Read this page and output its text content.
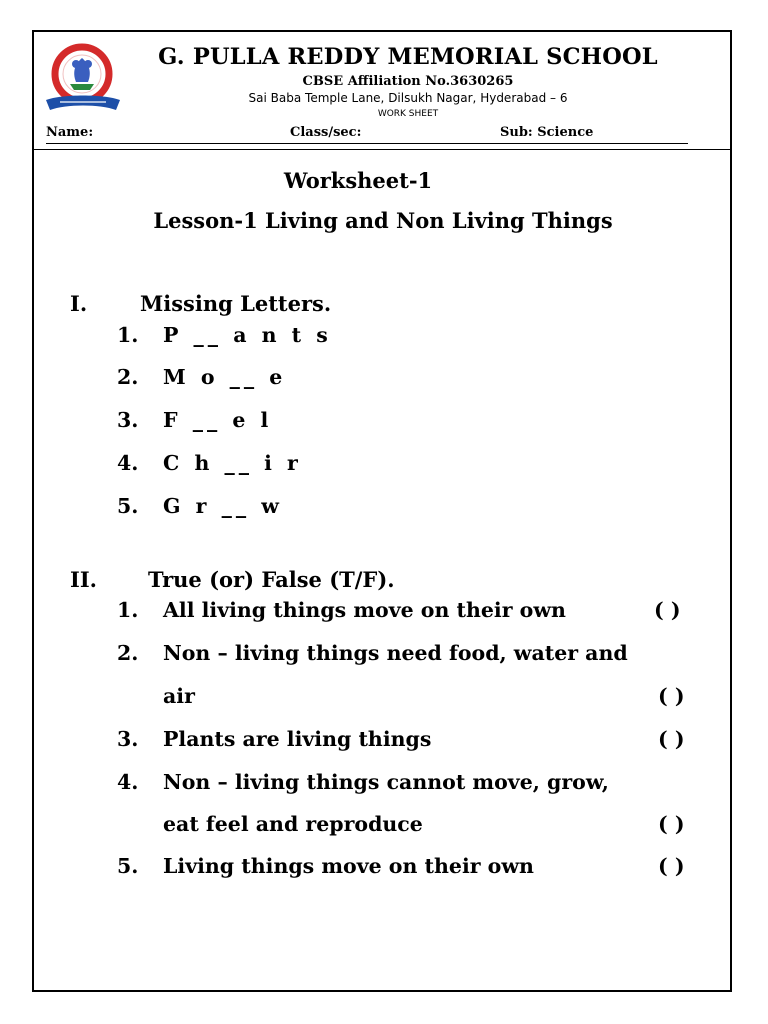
G. PULLA REDDY MEMORIAL SCHOOL
CBSE Affiliation No.3630265
Sai Baba Temple Lane, Dilsukh Nagar, Hyderabad – 6
WORK SHEET
Name:	Class/sec:	Sub: Science
Worksheet-1
Lesson-1 Living and Non Living Things
I.	Missing Letters.
1. P __ a n t s
2. M o __ e
3. F __ e l
4. C h __ i r
5. G r __ w
II. True (or) False (T/F).
1. All living things move on their own	( )
2. Non – living things need food, water and
air	( )
3. Plants are living things	( )
4. Non – living things cannot move, grow,
eat feel and reproduce	( )
5. Living things move on their own	( )
